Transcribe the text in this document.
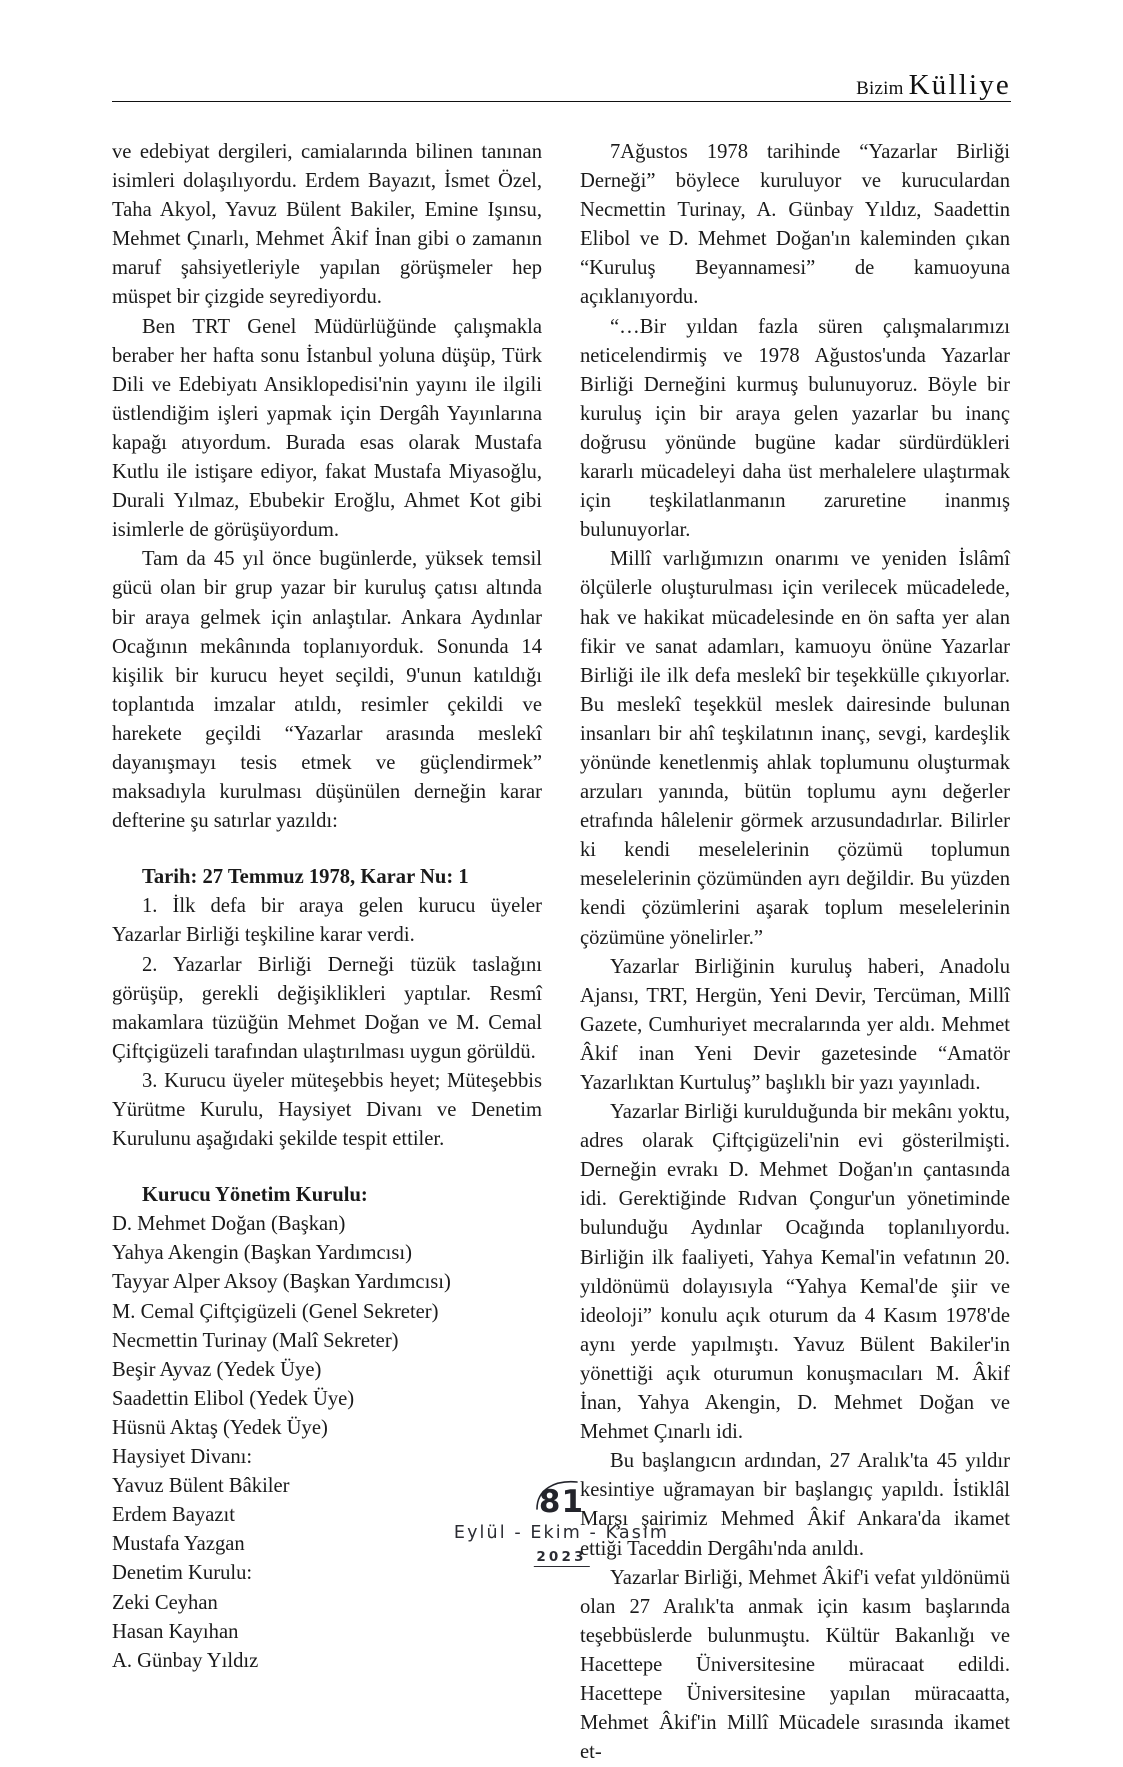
Bizim Külliye

ve edebiyat dergileri, camialarında bilinen tanınan isimleri dolaşılıyordu. Erdem Bayazıt, İsmet Özel, Taha Akyol, Yavuz Bülent Bakiler, Emine Işınsu, Mehmet Çınarlı, Mehmet Âkif İnan gibi o zamanın maruf şahsiyetleriyle yapılan görüşmeler hep müspet bir çizgide seyrediyordu.

Ben TRT Genel Müdürlüğünde çalışmakla beraber her hafta sonu İstanbul yoluna düşüp, Türk Dili ve Edebiyatı Ansiklopedisi'nin yayını ile ilgili üstlendiğim işleri yapmak için Dergâh Yayınlarına kapağı atıyordum. Burada esas olarak Mustafa Kutlu ile istişare ediyor, fakat Mustafa Miyasoğlu, Durali Yılmaz, Ebubekir Eroğlu, Ahmet Kot gibi isimlerle de görüşüyordum.

Tam da 45 yıl önce bugünlerde, yüksek temsil gücü olan bir grup yazar bir kuruluş çatısı altında bir araya gelmek için anlaştılar. Ankara Aydınlar Ocağının mekânında toplanıyorduk. Sonunda 14 kişilik bir kurucu heyet seçildi, 9'unun katıldığı toplantıda imzalar atıldı, resimler çekildi ve harekete geçildi “Yazarlar arasında meslekî dayanışmayı tesis etmek ve güçlendirmek” maksadıyla kurulması düşünülen derneğin karar defterine şu satırlar yazıldı:

Tarih: 27 Temmuz 1978, Karar Nu: 1

1. İlk defa bir araya gelen kurucu üyeler Yazarlar Birliği teşkiline karar verdi.

2. Yazarlar Birliği Derneği tüzük taslağını görüşüp, gerekli değişiklikleri yaptılar. Resmî makamlara tüzüğün Mehmet Doğan ve M. Cemal Çiftçigüzeli tarafından ulaştırılması uygun görüldü.

3. Kurucu üyeler müteşebbis heyet; Müteşebbis Yürütme Kurulu, Haysiyet Divanı ve Denetim Kurulunu aşağıdaki şekilde tespit ettiler.

Kurucu Yönetim Kurulu:

D. Mehmet Doğan (Başkan)
Yahya Akengin (Başkan Yardımcısı)
Tayyar Alper Aksoy (Başkan Yardımcısı)
M. Cemal Çiftçigüzeli (Genel Sekreter)
Necmettin Turinay (Malî Sekreter)
Beşir Ayvaz (Yedek Üye)
Saadettin Elibol (Yedek Üye)
Hüsnü Aktaş (Yedek Üye)
Haysiyet Divanı:
Yavuz Bülent Bâkiler
Erdem Bayazıt
Mustafa Yazgan
Denetim Kurulu:
Zeki Ceyhan
Hasan Kayıhan
A. Günbay Yıldız

7Ağustos 1978 tarihinde “Yazarlar Birliği Derneği” böylece kuruluyor ve kuruculardan Necmettin Turinay, A. Günbay Yıldız, Saadettin Elibol ve D. Mehmet Doğan'ın kaleminden çıkan “Kuruluş Beyannamesi” de kamuoyuna açıklanıyordu.

“…Bir yıldan fazla süren çalışmalarımızı neticelendirmiş ve 1978 Ağustos'unda Yazarlar Birliği Derneğini kurmuş bulunuyoruz. Böyle bir kuruluş için bir araya gelen yazarlar bu inanç doğrusu yönünde bugüne kadar sürdürdükleri kararlı mücadeleyi daha üst merhalelere ulaştırmak için teşkilatlanmanın zaruretine inanmış bulunuyorlar.

Millî varlığımızın onarımı ve yeniden İslâmî ölçülerle oluşturulması için verilecek mücadelede, hak ve hakikat mücadelesinde en ön safta yer alan fikir ve sanat adamları, kamuoyu önüne Yazarlar Birliği ile ilk defa meslekî bir teşekkülle çıkıyorlar. Bu meslekî teşekkül meslek dairesinde bulunan insanları bir ahî teşkilatının inanç, sevgi, kardeşlik yönünde kenetlenmiş ahlak toplumunu oluşturmak arzuları yanında, bütün toplumu aynı değerler etrafında hâlelenir görmek arzusundadırlar. Bilirler ki kendi meselelerinin çözümü toplumun meselelerinin çözümünden ayrı değildir. Bu yüzden kendi çözümlerini aşarak toplum meselelerinin çözümüne yönelirler.”

Yazarlar Birliğinin kuruluş haberi, Anadolu Ajansı, TRT, Hergün, Yeni Devir, Tercüman, Millî Gazete, Cumhuriyet mecralarında yer aldı. Mehmet Âkif inan Yeni Devir gazetesinde “Amatör Yazarlıktan Kurtuluş” başlıklı bir yazı yayınladı.

Yazarlar Birliği kurulduğunda bir mekânı yoktu, adres olarak Çiftçigüzeli'nin evi gösterilmişti. Derneğin evrakı D. Mehmet Doğan'ın çantasında idi. Gerektiğinde Rıdvan Çongur'un yönetiminde bulunduğu Aydınlar Ocağında toplanılıyordu. Birliğin ilk faaliyeti, Yahya Kemal'in vefatının 20. yıldönümü dolayısıyla “Yahya Kemal'de şiir ve ideoloji” konulu açık oturum da 4 Kasım 1978'de aynı yerde yapılmıştı. Yavuz Bülent Bakiler'in yönettiği açık oturumun konuşmacıları M. Âkif İnan, Yahya Akengin, D. Mehmet Doğan ve Mehmet Çınarlı idi.

Bu başlangıcın ardından, 27 Aralık'ta 45 yıldır kesintiye uğramayan bir başlangıç yapıldı. İstiklâl Marşı şairimiz Mehmed Âkif Ankara'da ikamet ettiği Taceddin Dergâhı'nda anıldı.

Yazarlar Birliği, Mehmet Âkif'i vefat yıldönümü olan 27 Aralık'ta anmak için kasım başlarında teşebbüslerde bulunmuştu. Kültür Bakanlığı ve Hacettepe Üniversitesine müracaat edildi. Hacettepe Üniversitesine yapılan müracaatta, Mehmet Âkif'in Millî Mücadele sırasında ikamet et-

81
Eylül - Ekim - Kasım
2023
